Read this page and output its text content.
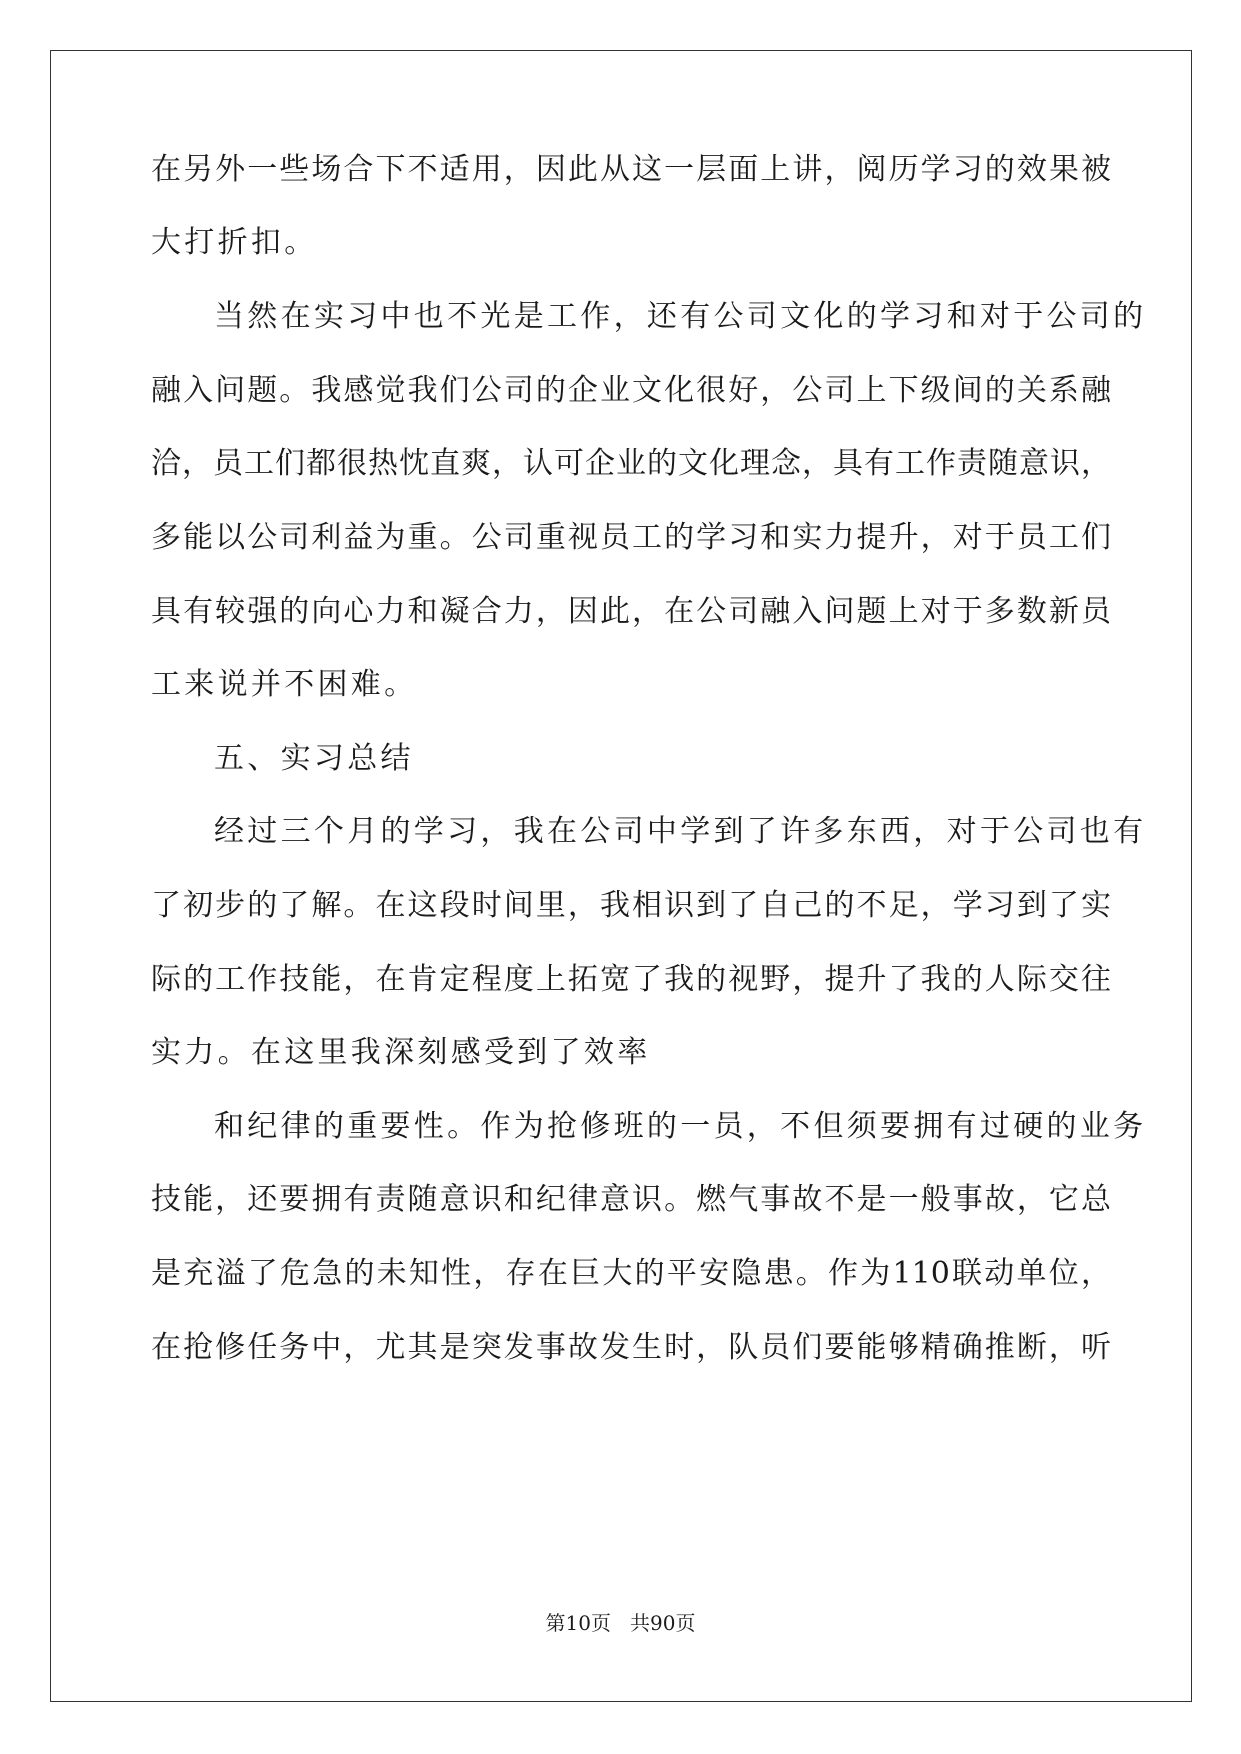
在另外一些场合下不适用，因此从这一层面上讲，阅历学习的效果被
大打折扣。
当然在实习中也不光是工作，还有公司文化的学习和对于公司的
融入问题。我感觉我们公司的企业文化很好，公司上下级间的关系融
洽，员工们都很热忱直爽，认可企业的文化理念，具有工作责随意识，
多能以公司利益为重。公司重视员工的学习和实力提升，对于员工们
具有较强的向心力和凝合力，因此，在公司融入问题上对于多数新员
工来说并不困难。
五、实习总结
经过三个月的学习，我在公司中学到了许多东西，对于公司也有
了初步的了解。在这段时间里，我相识到了自己的不足，学习到了实
际的工作技能，在肯定程度上拓宽了我的视野，提升了我的人际交往
实力。在这里我深刻感受到了效率
和纪律的重要性。作为抢修班的一员，不但须要拥有过硬的业务
技能，还要拥有责随意识和纪律意识。燃气事故不是一般事故，它总
是充溢了危急的未知性，存在巨大的平安隐患。作为110联动单位，
在抢修任务中，尤其是突发事故发生时，队员们要能够精确推断，听
第10页 共90页
